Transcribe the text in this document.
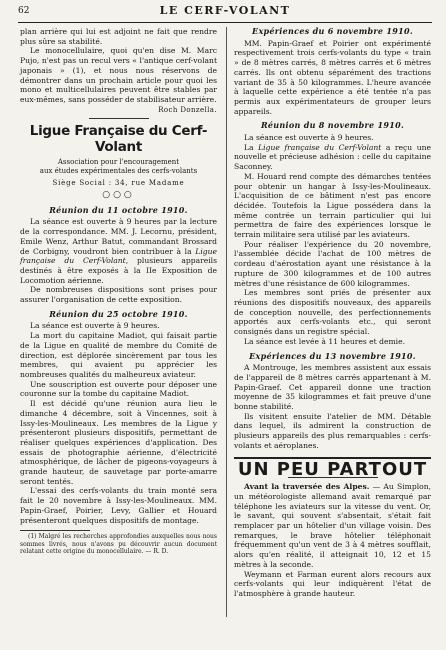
62	LE CERF-VOLANT

plan arrière qui lui est adjoint ne fait que rendre plus sûre sa stabilité.

Le monocellulaire, quoi qu'en dise M. Marc Pujo, n'est pas un recul vers « l'antique cerf-volant japonais » (1), et nous nous réservons de démontrer dans un prochain article pour quoi les mono et multicellulaires peuvent être stables par eux-mêmes, sans posséder de stabilisateur arrière.

Roch Donzella.
Ligue Française du Cerf-Volant
Association pour l'encouragement
aux études expérimentales des cerfs-volants
Siège Social : 34, rue Madame
○○○
Réunion du 11 octobre 1910.

La séance est ouverte à 9 heures par la lecture de la correspondance. MM. J. Lecornu, président, Emile Wenz, Arthur Batut, commandant Brossard de Corbigny, voudront bien contribuer à la Ligue française du Cerf-Volant, plusieurs appareils destinés à être exposés à la IIe Exposition de Locomotion aérienne.

De nombreuses dispositions sont prises pour assurer l'organisation de cette exposition.

Réunion du 25 octobre 1910.

La séance est ouverte à 9 heures.

La mort du capitaine Madiot, qui faisait partie de la Ligue en qualité de membre du Comité de direction, est déplorée sincèrement par tous les membres, qui avaient pu apprécier les nombreuses qualités du malheureux aviateur.

Une souscription est ouverte pour déposer une couronne sur la tombe du capitaine Madiot.

Il est décidé qu'une réunion aura lieu le dimanche 4 décembre, soit à Vincennes, soit à Issy-les-Moulineaux. Les membres de la Ligue y présenteront plusieurs dispositifs, permettant de réaliser quelques expériences d'application. Des essais de photographie aérienne, d'électricité atmosphérique, de lâcher de pigeons-voyageurs à grande hauteur, de sauvetage par porte-amarre seront tentés.

L'essai des cerfs-volants du train monté sera fait le 20 novembre à Issy-les-Moulineaux. MM. Papin-Graef, Poirier, Levy, Gallier et Houard présenteront quelques dispositifs de montage.

(1) Malgré les recherches approfondies auxquelles nous nous sommes livrés, nous n'avons pu découvrir aucun document relatant cette origine du monocellulaire. — R. D.

Expériences du 6 novembre 1910.

MM. Papin-Graef et Poirier ont expérimenté respectivement trois cerfs-volants du type « train » de 8 mètres carrés, 8 mètres carrés et 6 mètres carrés. Ils ont obtenu séparément des tractions variant de 35 à 50 kilogrammes. L'heure avancée à laquelle cette expérience a été tentée n'a pas permis aux expérimentateurs de grouper leurs appareils.

Réunion du 8 novembre 1910.

La séance est ouverte à 9 heures.

La Ligue française du Cerf-Volant a reçu une nouvelle et précieuse adhésion : celle du capitaine Saconney.

M. Houard rend compte des démarches tentées pour obtenir un hangar à Issy-les-Moulineaux. L'acquisition de ce bâtiment n'est pas encore décidée. Toutefois la Ligue possédera dans la même contrée un terrain particulier qui lui permettra de faire des expériences lorsque le terrain militaire sera utilisé par les aviateurs.

Pour réaliser l'expérience du 20 novembre, l'assemblée décide l'achat de 100 mètres de cordeau d'aérostation ayant une résistance à la rupture de 300 kilogrammes et de 100 autres mètres d'une résistance de 600 kilogrammes.

Les membres sont priés de présenter aux réunions des dispositifs nouveaux, des appareils de conception nouvelle, des perfectionnements apportés aux cerfs-volants etc., qui seront consignés dans un registre spécial.

La séance est levée à 11 heures et demie.

Expériences du 13 novembre 1910.

A Montrouge, les membres assistent aux essais de l'appareil de 8 mètres carrés appartenant à M. Papin-Graef. Cet appareil donne une traction moyenne de 35 kilogrammes et fait preuve d'une bonne stabilité.

Ils visitent ensuite l'atelier de MM. Détable dans lequel, ils admirent la construction de plusieurs appareils des plus remarquables : cerfs-volants et aéroplanes.

UN PEU PARTOUT

Avant la traversée des Alpes. — Au Simplon, un météorologiste allemand avait remarqué par téléphone les aviateurs sur la vitesse du vent. Or, le savant, qui souvent s'absentait, s'était fait remplacer par un hôtelier d'un village voisin. Des remarques, le brave hôtelier téléphonait fréquemment qu'un vent de 3 à 4 mètres soufflait, alors qu'en réalité, il atteignait 10, 12 et 15 mètres à la seconde.

Weymann et Farman eurent alors recours aux cerfs-volants qui leur indiquèrent l'état de l'atmosphère à grande hauteur.
